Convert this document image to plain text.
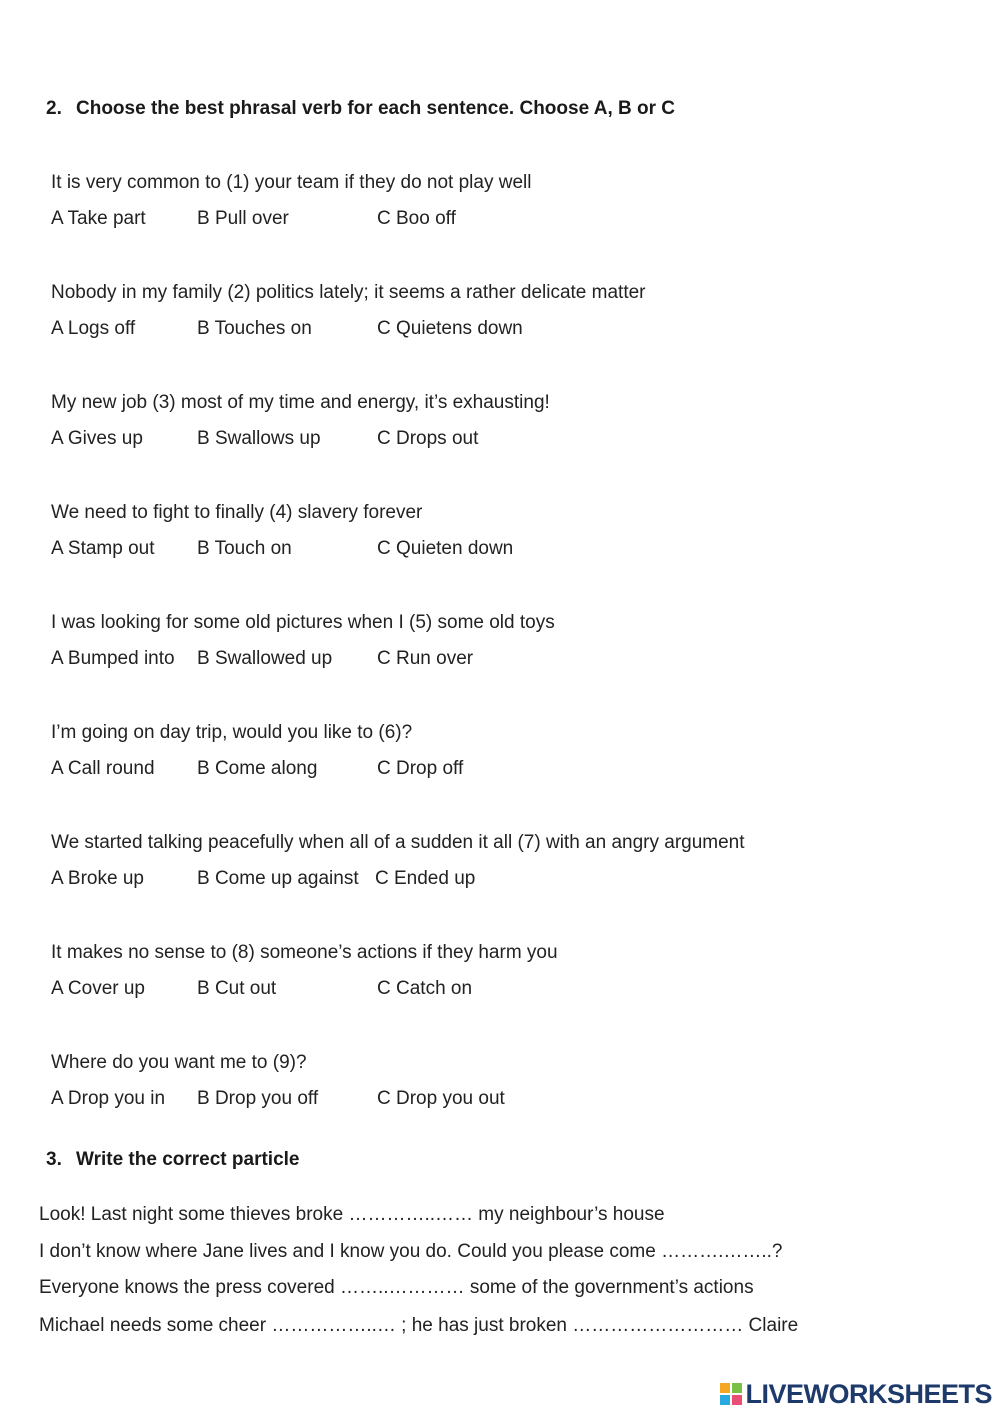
2. Choose the best phrasal verb for each sentence. Choose A, B or C
It is very common to (1) your team if they do not play well
A Take part	B Pull over	C Boo off
Nobody in my family (2) politics lately; it seems a rather delicate matter
A Logs off	B Touches on	C Quietens down
My new job (3) most of my time and energy, it’s exhausting!
A Gives up	B Swallows up	C Drops out
We need to fight to finally (4) slavery forever
A Stamp out B Touch on	C Quieten down
I was looking for some old pictures when I (5) some old toys
A Bumped into B Swallowed up C Run over
I’m going on day trip, would you like to (6)?
A Call round B Come along	C Drop off
We started talking peacefully when all of a sudden it all (7) with an angry argument
A Broke up	B Come up against C Ended up
It makes no sense to (8) someone’s actions if they harm you
A Cover up	B Cut out	C Catch on
Where do you want me to (9)?
A Drop you in B Drop you off	C Drop you out
3. Write the correct particle
Look! Last night some thieves broke …………..…… my neighbour’s house
I don’t know where Jane lives and I know you do. Could you please come ……….……..?
Everyone knows the press covered ……..………… some of the government’s actions
Michael needs some cheer ……………..… ; he has just broken ……………………… Claire
LIVEWORKSHEETS
